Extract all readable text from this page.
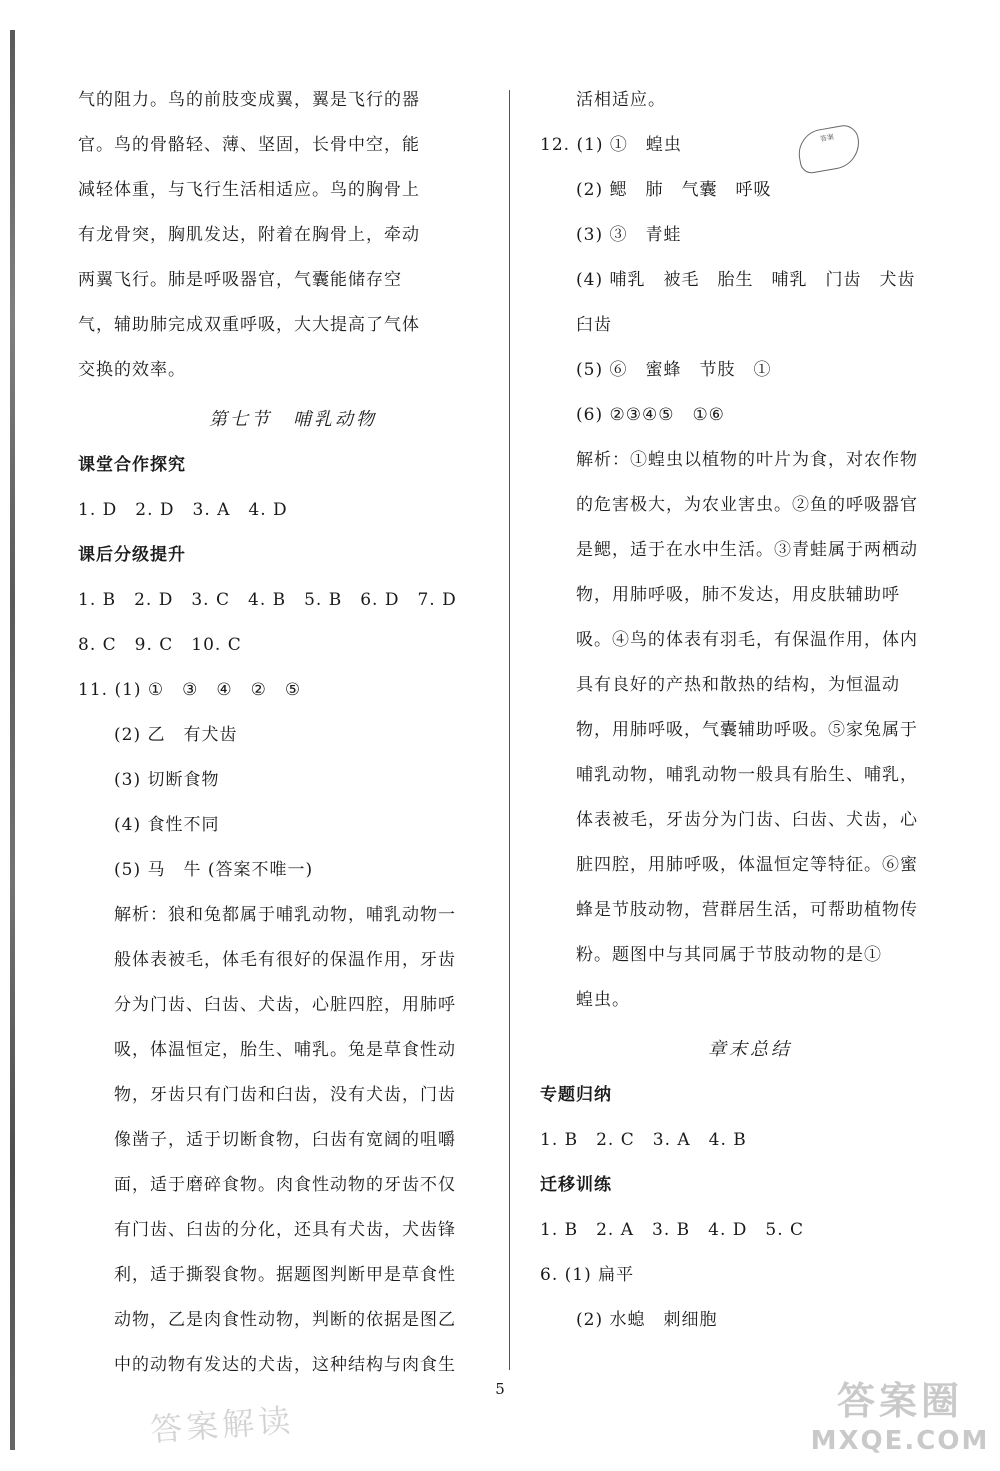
气的阻力。鸟的前肢变成翼，翼是飞行的器
官。鸟的骨骼轻、薄、坚固，长骨中空，能
减轻体重，与飞行生活相适应。鸟的胸骨上
有龙骨突，胸肌发达，附着在胸骨上，牵动
两翼飞行。肺是呼吸器官，气囊能储存空
气，辅助肺完成双重呼吸，大大提高了气体
交换的效率。
第七节　哺乳动物
课堂合作探究
1. D　2. D　3. A　4. D
课后分级提升
1. B　2. D　3. C　4. B　5. B　6. D　7. D
8. C　9. C　10. C
11. (1) ①　③　④　②　⑤
(2) 乙　有犬齿
(3) 切断食物
(4) 食性不同
(5) 马　牛 (答案不唯一)
解析：狼和兔都属于哺乳动物，哺乳动物一
般体表被毛，体毛有很好的保温作用，牙齿
分为门齿、臼齿、犬齿，心脏四腔，用肺呼
吸，体温恒定，胎生、哺乳。兔是草食性动
物，牙齿只有门齿和臼齿，没有犬齿，门齿
像凿子，适于切断食物，臼齿有宽阔的咀嚼
面，适于磨碎食物。肉食性动物的牙齿不仅
有门齿、臼齿的分化，还具有犬齿，犬齿锋
利，适于撕裂食物。据题图判断甲是草食性
动物，乙是肉食性动物，判断的依据是图乙
中的动物有发达的犬齿，这种结构与肉食生
活相适应。
12. (1) ①　蝗虫
(2) 鳃　肺　气囊　呼吸
(3) ③　青蛙
(4) 哺乳　被毛　胎生　哺乳　门齿　犬齿
臼齿
(5) ⑥　蜜蜂　节肢　①
(6) ②③④⑤　①⑥
解析：①蝗虫以植物的叶片为食，对农作物
的危害极大，为农业害虫。②鱼的呼吸器官
是鳃，适于在水中生活。③青蛙属于两栖动
物，用肺呼吸，肺不发达，用皮肤辅助呼
吸。④鸟的体表有羽毛，有保温作用，体内
具有良好的产热和散热的结构，为恒温动
物，用肺呼吸，气囊辅助呼吸。⑤家兔属于
哺乳动物，哺乳动物一般具有胎生、哺乳，
体表被毛，牙齿分为门齿、臼齿、犬齿，心
脏四腔，用肺呼吸，体温恒定等特征。⑥蜜
蜂是节肢动物，营群居生活，可帮助植物传
粉。题图中与其同属于节肢动物的是①
蝗虫。
章末总结
专题归纳
1. B　2. C　3. A　4. B
迁移训练
1. B　2. A　3. B　4. D　5. C
6. (1) 扁平
(2) 水螅　刺细胞
答案
5
答案解读
答案圈
MXQE.COM
